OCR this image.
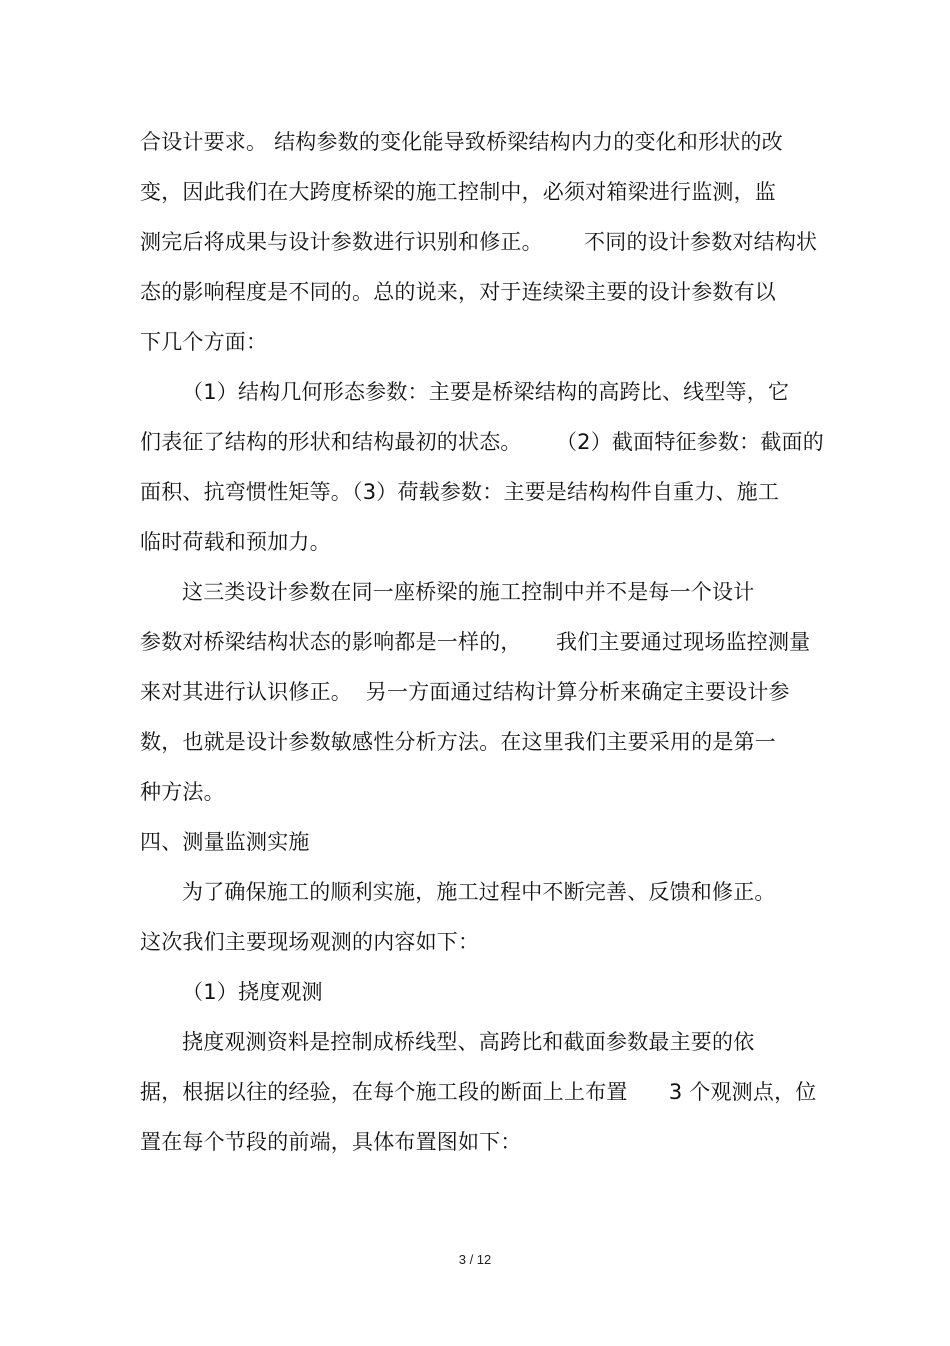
合设计要求。 结构参数的变化能导致桥梁结构内力的变化和形状的改
变，因此我们在大跨度桥梁的施工控制中，必须对箱梁进行监测，监
测完后将成果与设计参数进行识别和修正。      不同的设计参数对结构状
态的影响程度是不同的。总的说来，对于连续梁主要的设计参数有以
下几个方面：
（1）结构几何形态参数：主要是桥梁结构的高跨比、线型等，它
们表征了结构的形状和结构最初的状态。     （2）截面特征参数：截面的
面积、抗弯惯性矩等。（3）荷载参数：主要是结构构件自重力、施工
临时荷载和预加力。
这三类设计参数在同一座桥梁的施工控制中并不是每一个设计
参数对桥梁结构状态的影响都是一样的，     我们主要通过现场监控测量
来对其进行认识修正。  另一方面通过结构计算分析来确定主要设计参
数，也就是设计参数敏感性分析方法。在这里我们主要采用的是第一
种方法。
四、测量监测实施
为了确保施工的顺利实施，施工过程中不断完善、反馈和修正。
这次我们主要现场观测的内容如下：
（1）挠度观测
挠度观测资料是控制成桥线型、高跨比和截面参数最主要的依
据，根据以往的经验，在每个施工段的断面上上布置      3 个观测点，位
置在每个节段的前端，具体布置图如下：
3 / 12
